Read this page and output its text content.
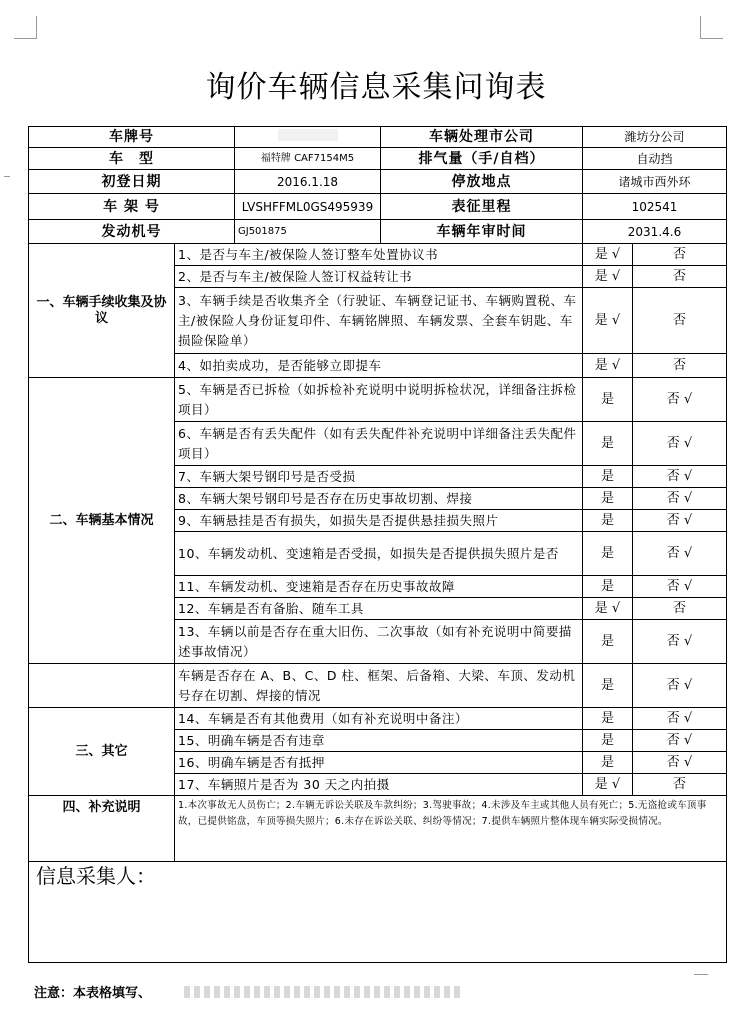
询价车辆信息采集问询表
车牌号			车辆处理市公司	潍坊分公司	
车　型		福特牌 CAF7154M5	排气量（手/自档）	自动挡	
初登日期		2016.1.18	停放地点	诸城市西外环	
车 架 号		LVSHFFML0GS495939	表征里程	102541	
发动机号		GJ501875	车辆年审时间	2031.4.6	
一、车辆手续收集及协议	1、是否与车主/被保险人签订整车处置协议书			是 √	否
	2、是否与车主/被保险人签订权益转让书			是 √	否
	3、车辆手续是否收集齐全（行驶证、车辆登记证书、车辆购置税、车主/被保险人身份证复印件、车辆铭牌照、车辆发票、全套车钥匙、车损险保险单）			是 √	否
	4、如拍卖成功，是否能够立即提车			是 √	否
二、车辆基本情况	5、车辆是否已拆检（如拆检补充说明中说明拆检状况，详细备注拆检项目）			是	否 √
	6、车辆是否有丢失配件（如有丢失配件补充说明中详细备注丢失配件项目）			是	否 √
	7、车辆大架号钢印号是否受损			是	否 √
	8、车辆大架号钢印号是否存在历史事故切割、焊接			是	否 √
	9、车辆悬挂是否有损失，如损失是否提供悬挂损失照片			是	否 √
	10、车辆发动机、变速箱是否受损，如损失是否提供损失照片是否			是	否 √
	11、车辆发动机、变速箱是否存在历史事故故障			是	否 √
	12、车辆是否有备胎、随车工具			是 √	否
	13、车辆以前是否存在重大旧伤、二次事故（如有补充说明中简要描述事故情况）			是	否 √
	车辆是否存在 A、B、C、D 柱、框架、后备箱、大梁、车顶、发动机号存在切割、焊接的情况			是	否 √
三、其它	14、车辆是否有其他费用（如有补充说明中备注）			是	否 √
	15、明确车辆是否有违章			是	否 √
	16、明确车辆是否有抵押			是	否 √
	17、车辆照片是否为 30 天之内拍摄			是 √	否
四、补充说明	1.本次事故无人员伤亡；2.车辆无诉讼关联及车款纠纷；3.驾驶事故；4.未涉及车主或其他人员有死亡；5.无盗抢或车顶事故，已提供铭盘，车顶等损失照片；6.未存在诉讼关联、纠纷等情况；7.提供车辆照片整体现车辆实际受损情况。				

信息采集人：					
注意：本表格填写、
